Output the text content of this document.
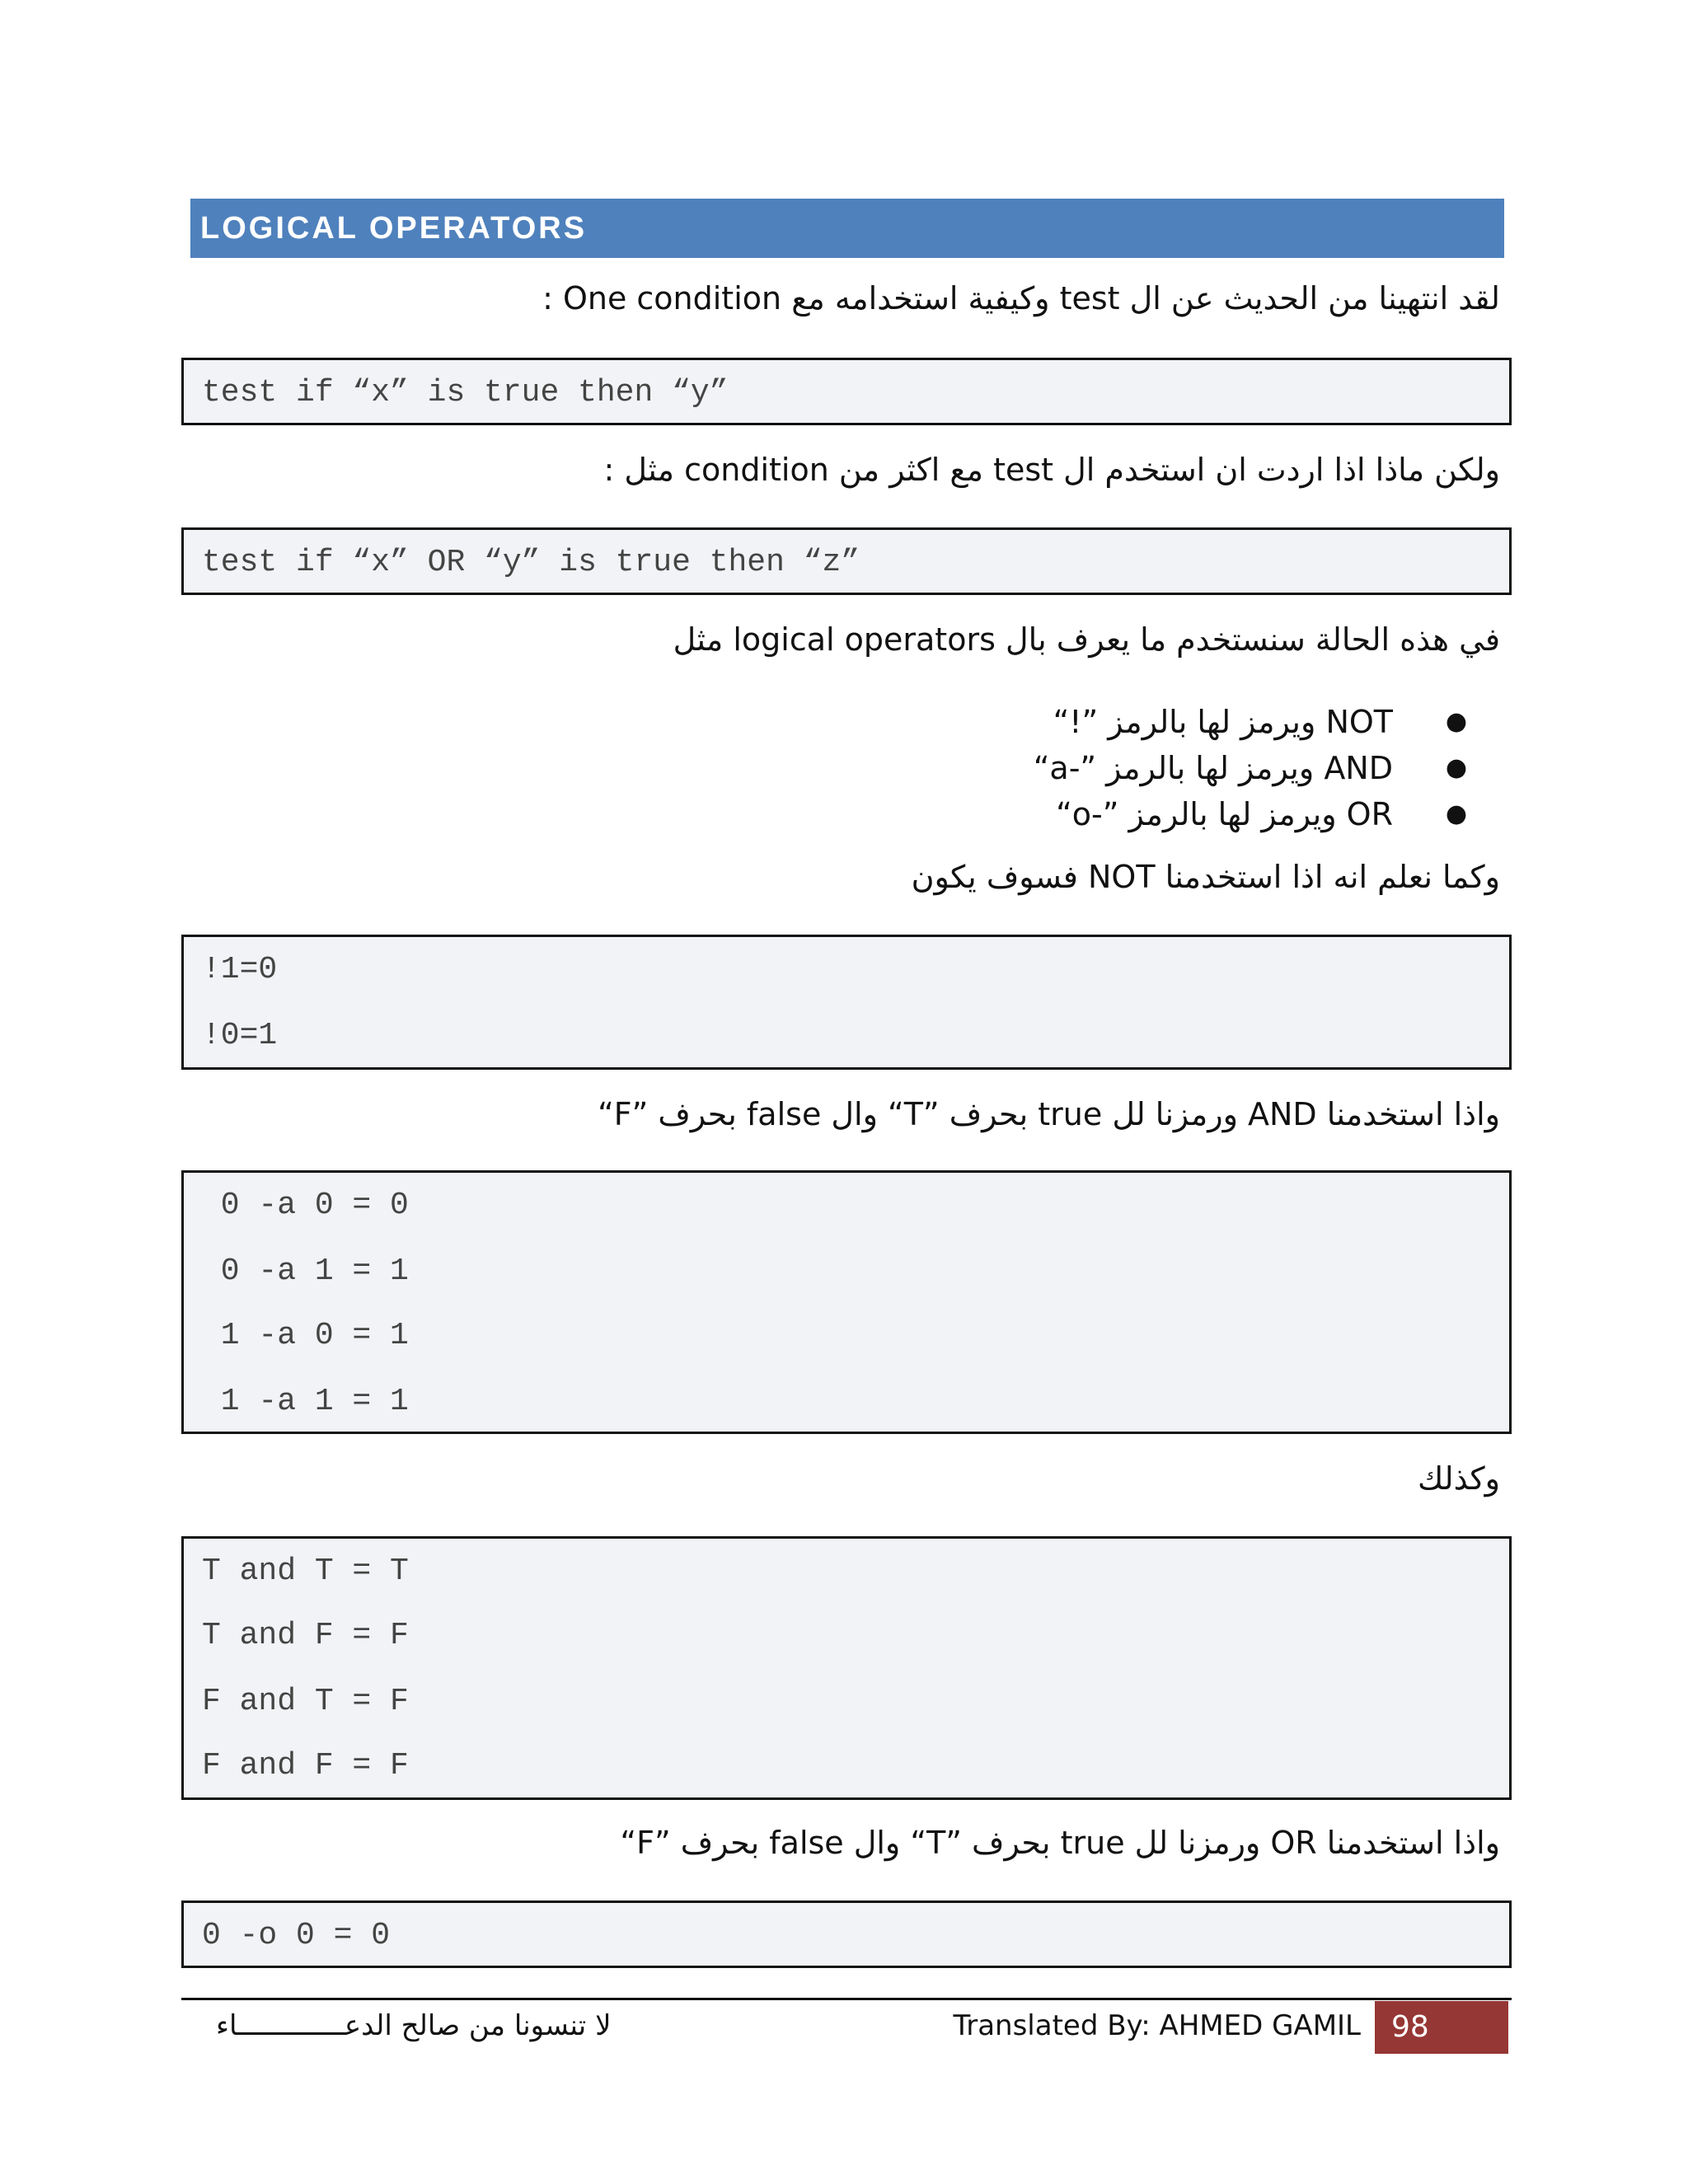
LOGICAL OPERATORS
لقد انتهينا من الحديث عن ال test وكيفية استخدامه مع One condition :

test if “x” is true then “y”

ولكن ماذا اذا اردت ان استخدم ال test مع اكثر من condition مثل :

test if “x” OR “y” is true then “z”

في هذه الحالة سنستخدم ما يعرف بال logical operators مثل
●
NOT ويرمز لها بالرمز ”!“
●
AND ويرمز لها بالرمز ”-a“
●
OR ويرمز لها بالرمز ”-o“
وكما نعلم انه اذا استخدمنا NOT فسوف يكون

!1=0

!0=1

واذا استخدمنا AND ورمزنا لل true بحرف ”T“ وال false بحرف ”F“

0 -a 0 = 0

0 -a 1 = 1

1 -a 0 = 1

1 -a 1 = 1

وكذلك

T and T = T

T and F = F

F and T = F

F and F = F

واذا استخدمنا OR ورمزنا لل true بحرف ”T“ وال false بحرف ”F“

0 -o 0 = 0

لا تنسونا من صالح الدعـــــــــــــاء	Translated By: AHMED GAMIL	98
